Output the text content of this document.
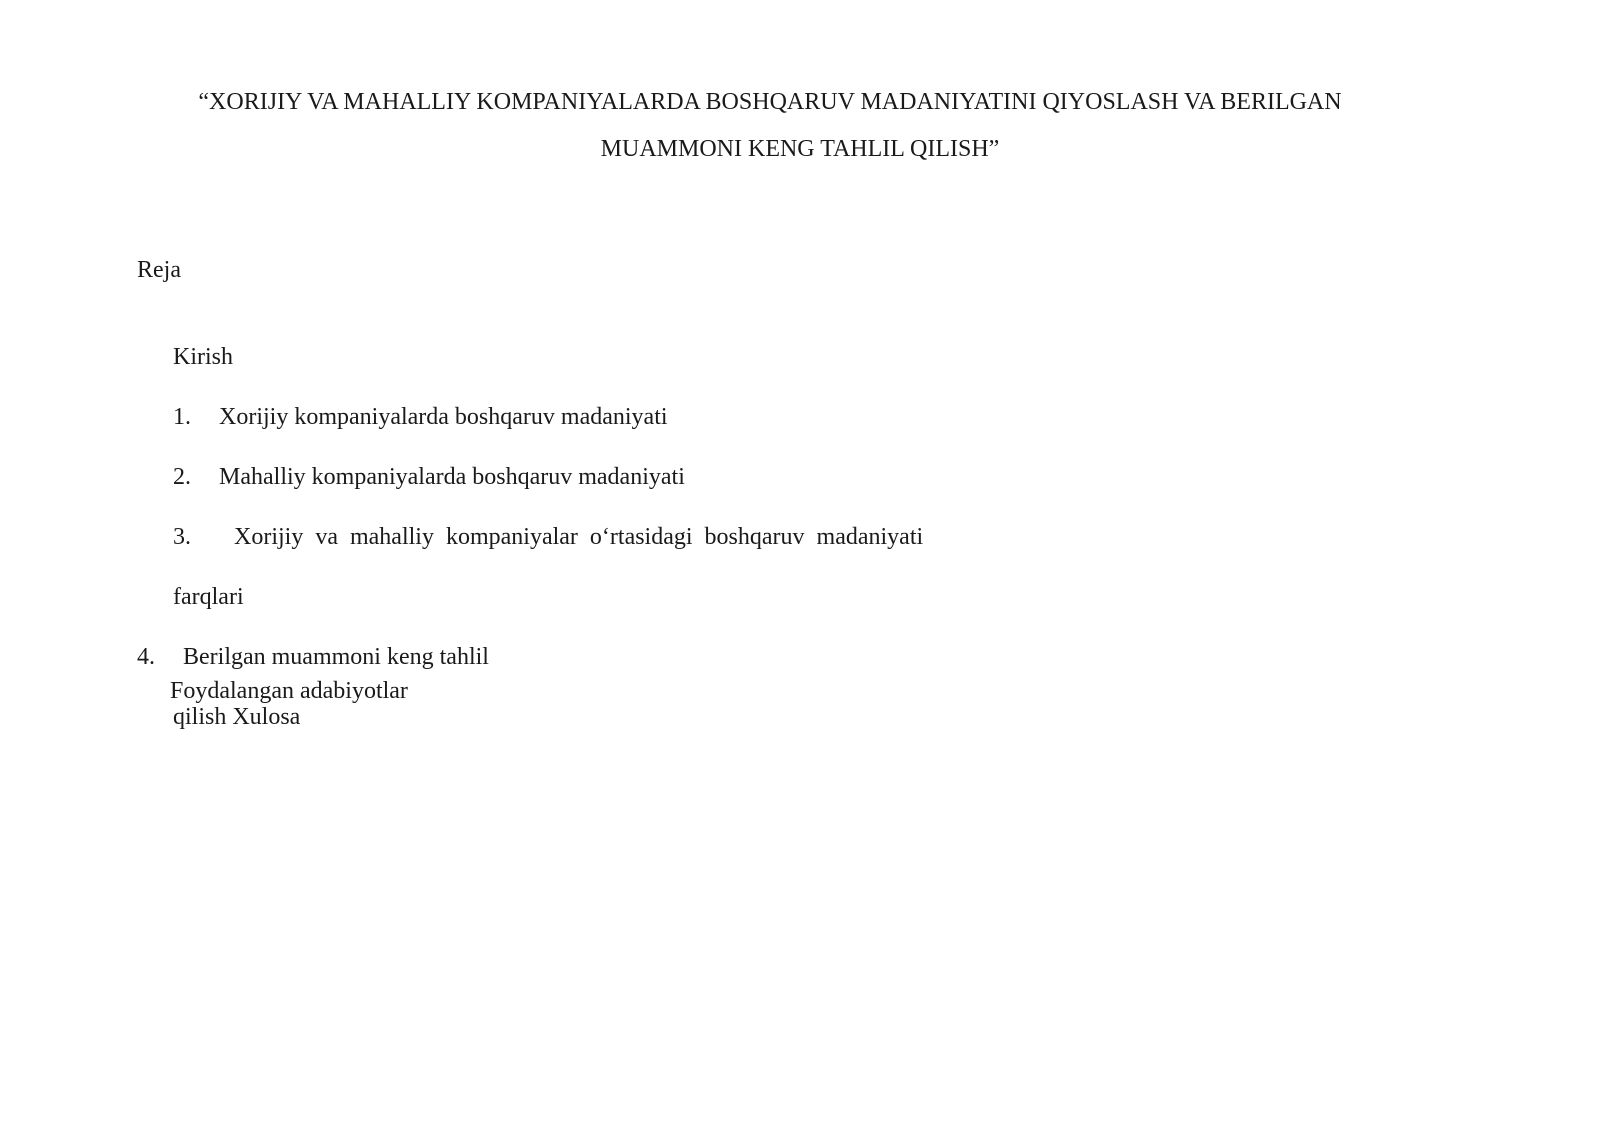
“XORIJIY VA MAHALLIY KOMPANIYALARDA BOSHQARUV MADANIYATINI QIYOSLASH VA BERILGAN
MUAMMONI KENG TAHLIL QILISH”
Reja
Kirish
1. Xorijiy kompaniyalarda boshqaruv madaniyati
2. Mahalliy kompaniyalarda boshqaruv madaniyati
3. Xorijiy  va  mahalliy  kompaniyalar  o‘rtasidagi  boshqaruv  madaniyati
farqlari
4. Berilgan muammoni keng tahlil
Foydalangan adabiyotlar
qilish Xulosa
